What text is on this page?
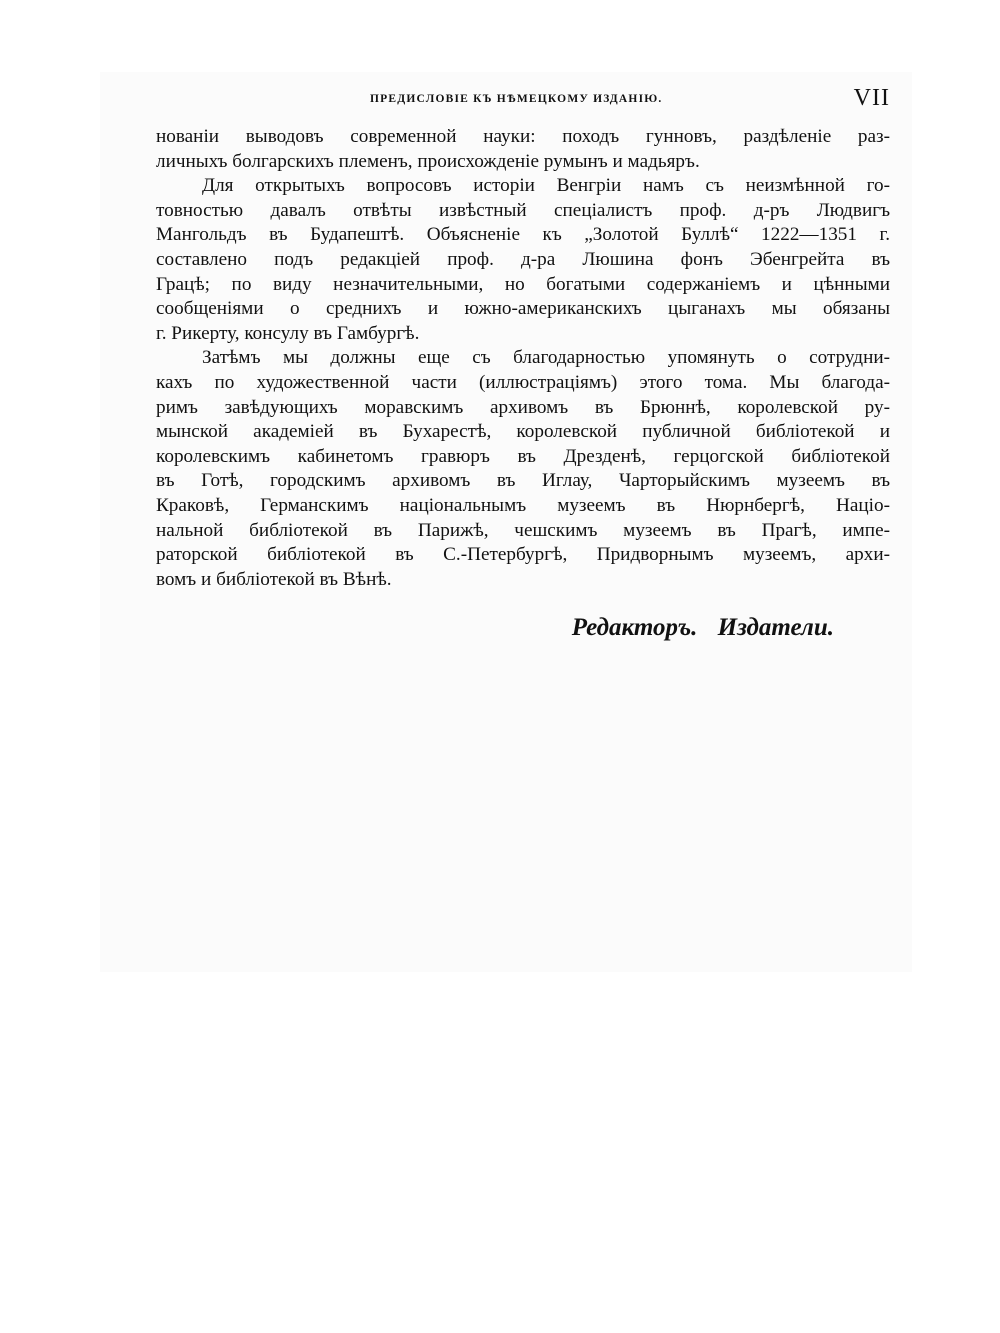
ПРЕДИСЛОВІЕ КЪ НѢМЕЦКОМУ ИЗДАНІЮ.	VII
нованіи выводовъ современной науки: походъ гунновъ, раздѣленіе раз-
личныхъ болгарскихъ племенъ, происхожденіе румынъ и мадьяръ.
Для открытыхъ вопросовъ исторіи Венгріи намъ съ неизмѣнной го-
товностью давалъ отвѣты извѣстный спеціалистъ проф. д-ръ Людвигъ
Мангольдъ въ Будапештѣ. Объясненіе къ „Золотой Буллѣ“ 1222—1351 г.
составлено подъ редакціей проф. д-ра Люшина фонъ Эбенгрейта въ
Грацѣ; по виду незначительными, но богатыми содержаніемъ и цѣнными
сообщеніями о среднихъ и южно-американскихъ цыганахъ мы обязаны
г. Рикерту, консулу въ Гамбургѣ.
Затѣмъ мы должны еще съ благодарностью упомянуть о сотрудни-
кахъ по художественной части (иллюстраціямъ) этого тома. Мы благода-
римъ завѣдующихъ моравскимъ архивомъ въ Брюннѣ, королевской ру-
мынской академіей въ Бухарестѣ, королевской публичной библіотекой и
королевскимъ кабинетомъ гравюръ въ Дрезденѣ, герцогской библіотекой
въ Готѣ, городскимъ архивомъ въ Иглау, Чарторыйскимъ музеемъ въ
Краковѣ, Германскимъ національнымъ музеемъ въ Нюрнбергѣ, Націо-
нальной библіотекой въ Парижѣ, чешскимъ музеемъ въ Прагѣ, импе-
раторской библіотекой въ С.-Петербургѣ, Придворнымъ музеемъ, архи-
вомъ и библіотекой въ Вѣнѣ.
Редакторъ. Издатели.
